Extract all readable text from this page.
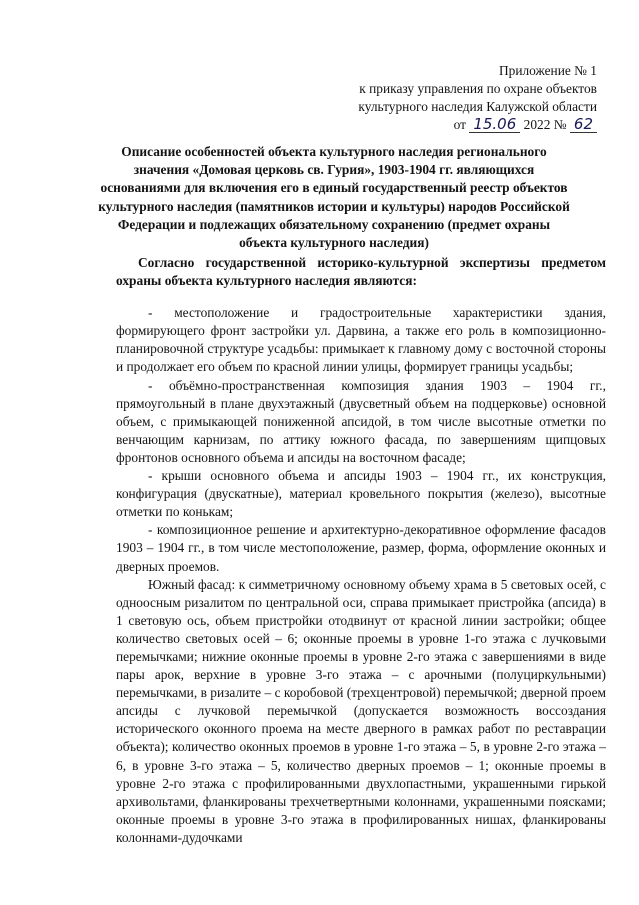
Приложение № 1
к приказу управления по охране объектов
культурного наследия Калужской области
от 15.06 2022 № 62
Описание особенностей объекта культурного наследия регионального
значения «Домовая церковь св. Гурия», 1903-1904 гг. являющихся
основаниями для включения его в единый государственный реестр объектов
культурного наследия (памятников истории и культуры) народов Российской
Федерации и подлежащих обязательному сохранению (предмет охраны
объекта культурного наследия)

Согласно государственной историко-культурной экспертизы предметом охраны объекта культурного наследия являются:

- местоположение и градостроительные характеристики здания, формирующего фронт застройки ул. Дарвина, а также его роль в композиционно-планировочной структуре усадьбы: примыкает к главному дому с восточной стороны и продолжает его объем по красной линии улицы, формирует границы усадьбы;

- объёмно-пространственная композиция здания 1903 – 1904 гг., прямоугольный в плане двухэтажный (двусветный объем на подцерковье) основной объем, с примыкающей пониженной апсидой, в том числе высотные отметки по венчающим карнизам, по аттику южного фасада, по завершениям щипцовых фронтонов основного объема и апсиды на восточном фасаде;

- крыши основного объема и апсиды 1903 – 1904 гг., их конструкция, конфигурация (двускатные), материал кровельного покрытия (железо), высотные отметки по конькам;

- композиционное решение и архитектурно-декоративное оформление фасадов 1903 – 1904 гг., в том числе местоположение, размер, форма, оформление оконных и дверных проемов.

Южный фасад: к симметричному основному объему храма в 5 световых осей, с одноосным ризалитом по центральной оси, справа примыкает пристройка (апсида) в 1 световую ось, объем пристройки отодвинут от красной линии застройки; общее количество световых осей – 6; оконные проемы в уровне 1-го этажа с лучковыми перемычками; нижние оконные проемы в уровне 2-го этажа с завершениями в виде пары арок, верхние в уровне 3-го этажа – с арочными (полуциркульными) перемычками, в ризалите – с коробовой (трехцентровой) перемычкой; дверной проем апсиды с лучковой перемычкой (допускается возможность воссоздания исторического оконного проема на месте дверного в рамках работ по реставрации объекта); количество оконных проемов в уровне 1-го этажа – 5, в уровне 2-го этажа – 6, в уровне 3-го этажа – 5, количество дверных проемов – 1; оконные проемы в уровне 2-го этажа с профилированными двухлопастными, украшенными гирькой архивольтами, фланкированы трехчетвертными колоннами, украшенными поясками; оконные проемы в уровне 3-го этажа в профилированных нишах, фланкированы колоннами-дудочками
